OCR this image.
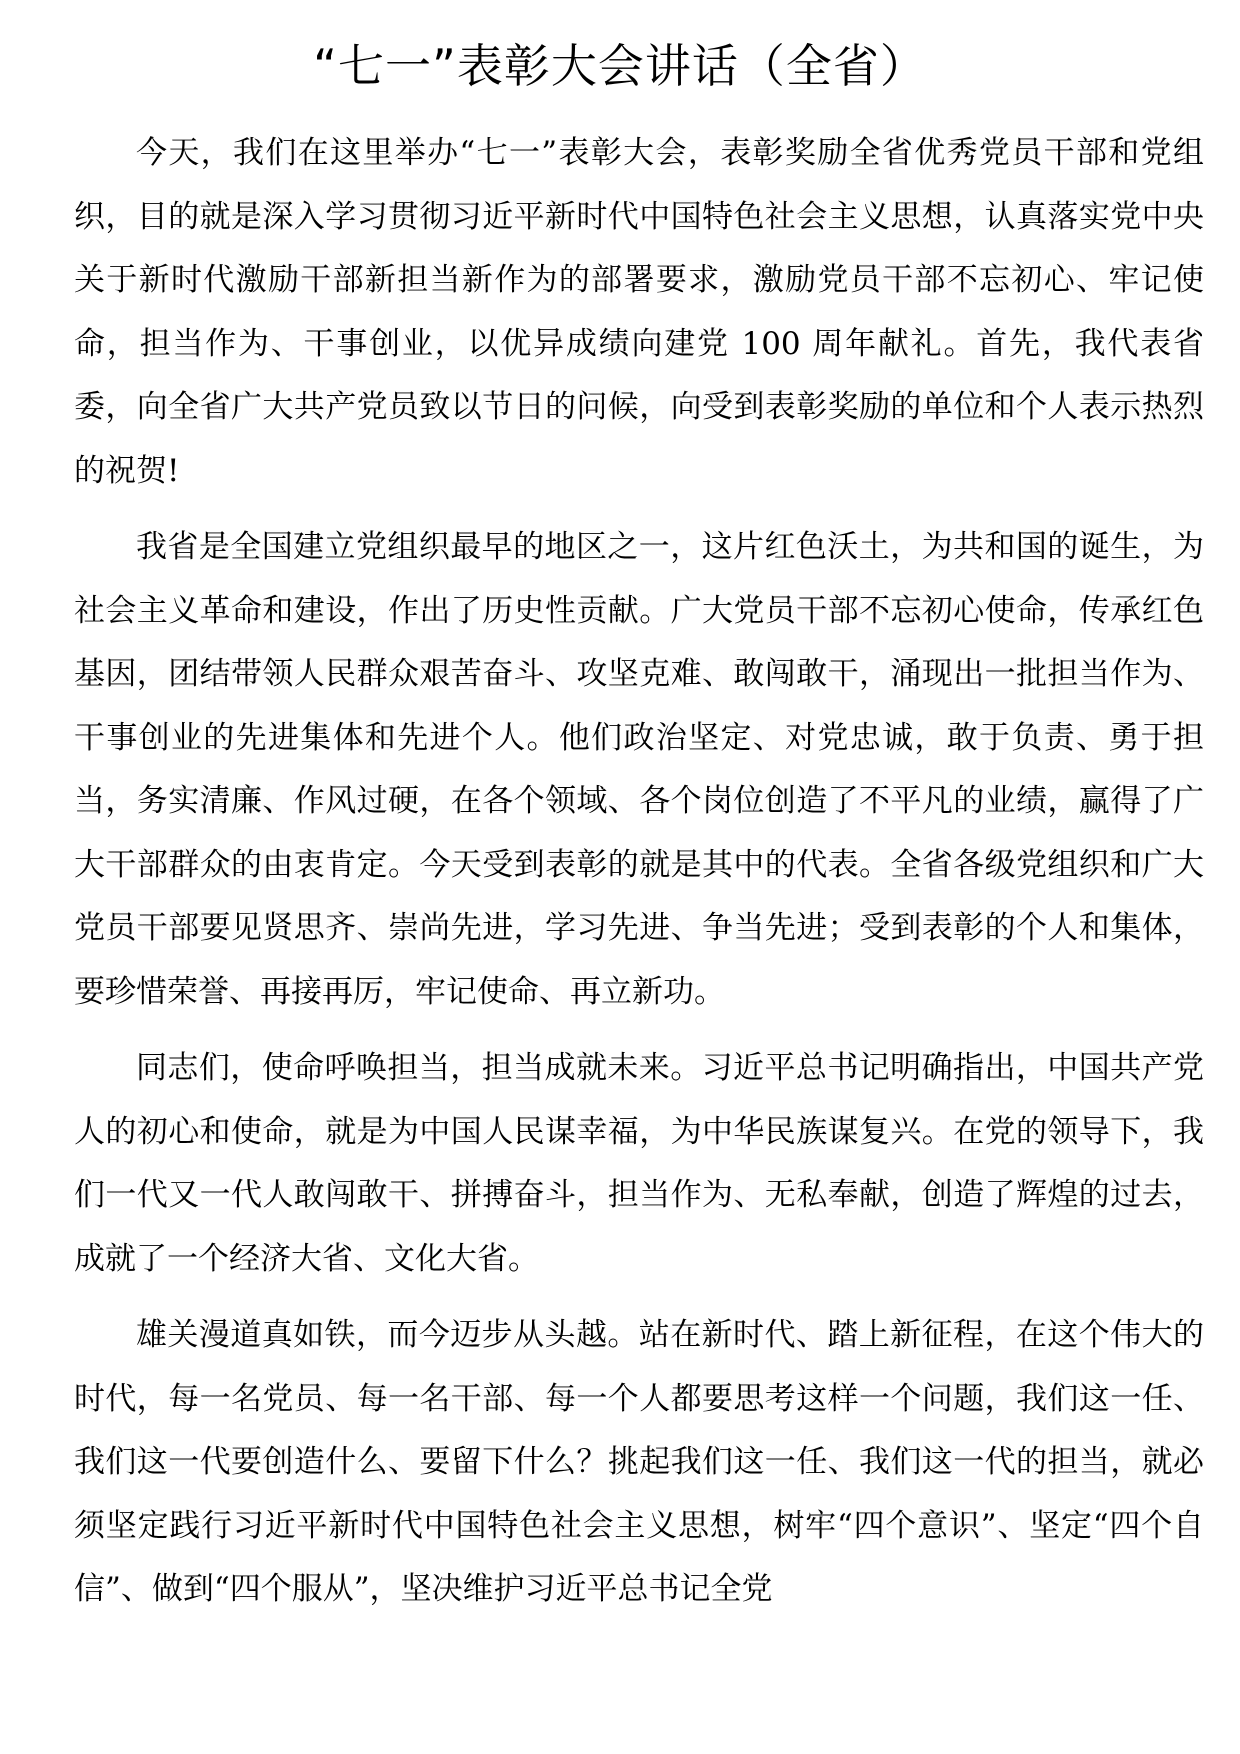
“七一”表彰大会讲话（全省）

今天，我们在这里举办“七一”表彰大会，表彰奖励全省优秀党员干部和党组织，目的就是深入学习贯彻习近平新时代中国特色社会主义思想，认真落实党中央关于新时代激励干部新担当新作为的部署要求，激励党员干部不忘初心、牢记使命，担当作为、干事创业，以优异成绩向建党 100 周年献礼。首先，我代表省委，向全省广大共产党员致以节日的问候，向受到表彰奖励的单位和个人表示热烈的祝贺!

我省是全国建立党组织最早的地区之一，这片红色沃土，为共和国的诞生，为社会主义革命和建设，作出了历史性贡献。广大党员干部不忘初心使命，传承红色基因，团结带领人民群众艰苦奋斗、攻坚克难、敢闯敢干，涌现出一批担当作为、干事创业的先进集体和先进个人。他们政治坚定、对党忠诚，敢于负责、勇于担当，务实清廉、作风过硬，在各个领域、各个岗位创造了不平凡的业绩，赢得了广大干部群众的由衷肯定。今天受到表彰的就是其中的代表。全省各级党组织和广大党员干部要见贤思齐、崇尚先进，学习先进、争当先进；受到表彰的个人和集体，要珍惜荣誉、再接再厉，牢记使命、再立新功。

同志们，使命呼唤担当，担当成就未来。习近平总书记明确指出，中国共产党人的初心和使命，就是为中国人民谋幸福，为中华民族谋复兴。在党的领导下，我们一代又一代人敢闯敢干、拼搏奋斗，担当作为、无私奉献，创造了辉煌的过去，成就了一个经济大省、文化大省。

雄关漫道真如铁，而今迈步从头越。站在新时代、踏上新征程，在这个伟大的时代，每一名党员、每一名干部、每一个人都要思考这样一个问题，我们这一任、我们这一代要创造什么、要留下什么？挑起我们这一任、我们这一代的担当，就必须坚定践行习近平新时代中国特色社会主义思想，树牢“四个意识”、坚定“四个自信”、做到“四个服从”，坚决维护习近平总书记全党
